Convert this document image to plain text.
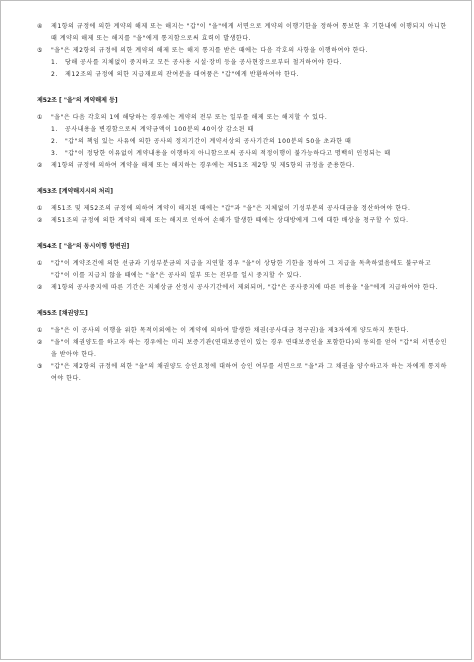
④	제1항의 규정에 의한 계약의 해제 또는 해지는 "갑"이 "을"에게 서면으로 계약의 이행기한을 정하여 통보한 후 기한내에 이행되지 아니한 때 계약의 해제 또는 해지를 "을"에게 통지함으로써 효력이 발생한다.
⑤	"을"은 제2항의 규정에 의한 계약의 해제 또는 해지 통지를 받은 때에는 다음 각호의 사항을 이행하여야 한다.
1.	당해 공사를 지체없이 중지하고 모든 공사용 시설·장비 등을 공사현장으로부터 철거하여야 한다.
2.	제12조의 규정에 의한 지급재료의 잔여분을 대여품은 "갑"에게 반환하여야 한다.
제52조 [ "을"의 계약해제 등]
①	"을"은 다음 각호의 1에 해당하는 경우에는 계약의 전부 또는 일부를 해제 또는 해지할 수 있다.
1.	공사내용을 변경함으로써 계약금액이 100분의 40이상 감소된 때
2.	"갑"의 책임 있는 사유에 의한 공사의 정지기간이 계약서상의 공사기간의 100분의 50을 초과한 때
3.	"갑"이 정당한 이유없이 계약내용을 이행하지 아니함으로써 공사의 적정이행이 불가능하다고 명백히 인정되는 때
②	제1항의 규정에 의하여 계약을 해제 또는 해지하는 경우에는 제51조 제2항 및 제5항의 규정을 준용한다.
제53조 [계약해지시의 처리]
①	제51조 및 제52조의 규정에 의하여 계약이 해지된 때에는 "갑"과 "을"은 지체없이 기성부분의 공사대금을 정산하여야 한다.
②	제51조의 규정에 의한 계약의 해제 또는 해지로 인하여 손해가 발생한 때에는 상대방에게 그에 대한 배상을 청구할 수 있다.
제54조 [ "을"의 동시이행 항변권]
①	"갑"이 계약조건에 의한 선금과 기성부분금의 지급을 지연할 경우 "을"이 상당한 기한을 정하여 그 지급을 독촉하였음에도 불구하고 "갑"이 이를 지급치 않을 때에는 "을"은 공사의 일부 또는 전부를 일시 중지할 수 있다.
②	제1항의 공사중지에 따른 기간은 지체상금 산정시 공사기간에서 제외되며, "갑"은 공사중지에 따른 비용을 "을"에게 지급하여야 한다.
제55조 [채권양도]
①	"을"은 이 공사의 이행을 위한 목적이외에는 이 계약에 의하여 발생한 채권(공사대금 청구권)을 제3자에게 양도하지 못한다.
②	"을"이 채권양도를 하고자 하는 경우에는 미리 보증기관(연대보증인이 있는 경우 연대보증인을 포함한다)의 동의를 얻어 "갑"의 서면승인을 받아야 한다.
③	"갑"은 제2항의 규정에 의한 "을"의 채권양도 승인요청에 대하여 승인 여부를 서면으로 "을"과 그 채권을 양수하고자 하는 자에게 통지하여야 한다.
